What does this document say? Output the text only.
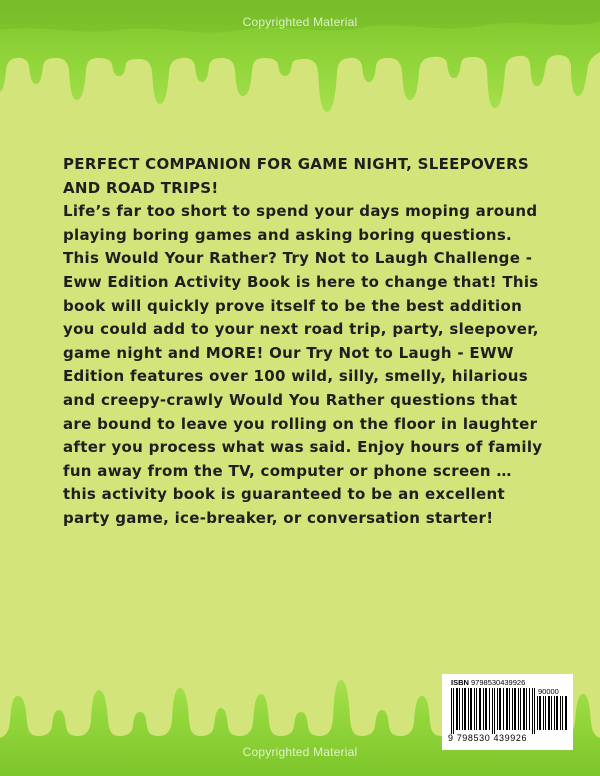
Copyrighted Material

PERFECT COMPANION FOR GAME NIGHT, SLEEPOVERS AND ROAD TRIPS!

Life’s far too short to spend your days moping around playing boring games and asking boring questions. This Would Your Rather? Try Not to Laugh Challenge - Eww Edition Activity Book is here to change that! This book will quickly prove itself to be the best addition you could add to your next road trip, party, sleepover, game night and MORE! Our Try Not to Laugh - EWW Edition features over 100 wild, silly, smelly, hilarious and creepy-crawly Would You Rather questions that are bound to leave you rolling on the floor in laughter after you process what was said. Enjoy hours of family fun away from the TV, computer or phone screen … this activity book is guaranteed to be an excellent party game, ice-breaker, or conversation starter!

ISBN 9798530439926
90000
9 798530 439926
Copyrighted Material
